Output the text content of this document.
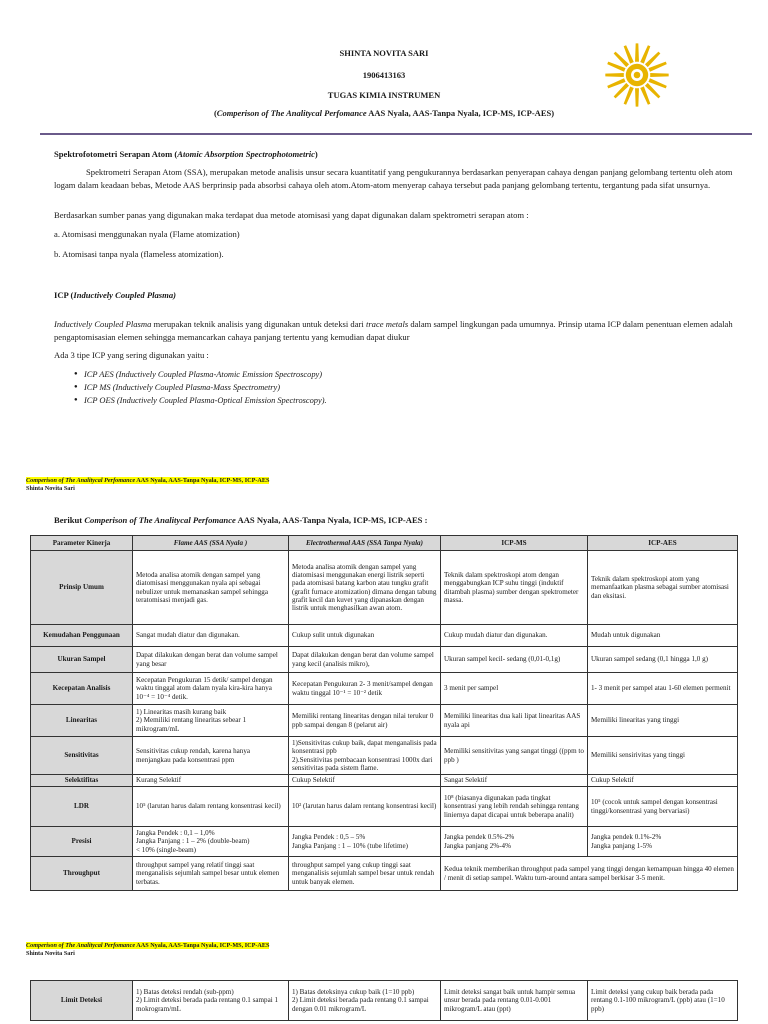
SHINTA NOVITA SARI
1906413163
TUGAS KIMIA INSTRUMEN
(Comperison of The Analitycal Perfomance AAS Nyala, AAS-Tanpa Nyala, ICP-MS, ICP-AES)
Spektrofotometri Serapan Atom (Atomic Absorption Spectrophotometric)
Spektrometri Serapan Atom (SSA), merupakan metode analisis unsur secara kuantitatif yang pengukurannya berdasarkan penyerapan cahaya dengan panjang gelombang tertentu oleh atom logam dalam keadaan bebas, Metode AAS berprinsip pada absorbsi cahaya oleh atom.Atom-atom menyerap cahaya tersebut pada panjang gelombang tertentu, tergantung pada sifat unsurnya.
Berdasarkan sumber panas yang digunakan maka terdapat dua metode atomisasi yang dapat digunakan dalam spektrometri serapan atom :
a. Atomisasi menggunakan nyala (Flame atomization)
b. Atomisasi tanpa nyala (flameless atomization).
ICP (Inductively Coupled Plasma)
Inductively Coupled Plasma merupakan teknik analisis yang digunakan untuk deteksi dari trace metals dalam sampel lingkungan pada umumnya. Prinsip utama ICP dalam penentuan elemen adalah pengaptomisasian elemen sehingga memancarkan cahaya panjang tertentu yang kemudian dapat diukur
Ada 3 tipe ICP yang sering digunakan yaitu :
● ICP AES (Inductively Coupled Plasma-Atomic Emission Spectroscopy)
● ICP MS (Inductively Coupled Plasma-Mass Spectrometry)
● ICP OES (Inductively Coupled Plasma-Optical Emission Spectroscopy).
Comperison of The Analitycal Perfomance AAS Nyala, AAS-Tanpa Nyala, ICP-MS, ICP-AES
Shinta Novita Sari
Berikut Comperison of The Analitycal Perfomance AAS Nyala, AAS-Tanpa Nyala, ICP-MS, ICP-AES :
Parameter Kinerja	Flame AAS (SSA Nyala )	Electrothermal AAS (SSA Tanpa Nyala)	ICP-MS	ICP-AES
Prinsip Umum	Metoda analisa atomik dengan sampel yang diatomisasi menggunakan nyala api sebagai nebulizer untuk memanaskan sampel sehingga teratomisasi menjadi gas.	Metoda analisa atomik dengan sampel yang diatomisasi menggunakan energi listrik seperti pada atomisasi batang karbon atau tungku grafit (grafit furnace atomization) dimana dengan tabung grafit kecil dan kuvet yang dipanaskan dengan listrik untuk menghasilkan awan atom.	Teknik dalam spektroskopi atom dengan menggabungkan ICP suhu tinggi (induktif ditambah plasma) sumber dengan spektrometer massa.	Teknik dalam spektroskopi atom yang memanfaatkan plasma sebagai sumber atomisasi dan eksitasi.
Kemudahan Penggunaan	Sangat mudah diatur dan digunakan.	Cukup sulit untuk digunakan	Cukup mudah diatur dan digunakan.	Mudah untuk digunakan
Ukuran Sampel	Dapat dilakukan dengan berat dan volume sampel yang besar	Dapat dilakukan dengan berat dan volume sampel yang kecil (analisis mikro),	Ukuran sampel kecil- sedang (0,01-0,1g)	Ukuran sampel sedang (0,1 hingga 1,0 g)
Kecepatan Analisis	Kecepatan Pengukuran 15 detik/ sampel dengan waktu tinggal atom dalam nyala kira-kira hanya 10⁻⁴ = 10⁻⁴ detik.	Kecepatan Pengukuran 2- 3 menit/sampel dengan waktu tinggal 10⁻¹ = 10⁻² detik	3 menit per sampel	1- 3 menit per sampel atau 1-60 elemen permenit
Linearitas	1) Linearitas masih kurang baik
2) Memiliki rentang linearitas sebear 1 mikrogram/mL	Memiliki rentang linearitas dengan nilai terukur 0 ppb sampai dengan 8 (pelarut air)	Memiliki linearitas dua kali lipat linearitas AAS nyala api	Memiliki linearitas yang tinggi
Sensitivitas	Sensitivitas cukup rendah, karena hanya menjangkau pada konsentrasi ppm	1)Sensitivitas cukup baik, dapat menganalisis pada konsentrasi ppb
2).Sensitivitas pembacaan konsentrasi 1000x dari sensitivitas pada sistem flame.	Memiliki sensitivitas yang sangat tinggi ((ppm to ppb )	Memiliki sensirivitas yang tinggi
Selektifitas	Kurang Selektif	Cukup Selektif	Sangat Selektif	Cukup Selektif
LDR	10⁵ (larutan harus dalam rentang konsentrasi kecil)	10² (larutan harus dalam rentang konsentrasi kecil)	10⁸ (biasanya digunakan pada tingkat konsentrasi yang lebih rendah sehingga rentang liniernya dapat dicapai untuk beberapa analit)	10⁵ (cocok untuk sampel dengan konsentrasi tinggi/konsentrasi yang bervariasi)
Presisi	Jangka Pendek : 0,1 – 1,0%
Jangka Panjang : 1 – 2% (double-beam)
< 10% (single-beam)	Jangka Pendek : 0,5 – 5%
Jangka Panjang : 1 – 10% (tube lifetime)	Jangka pendek 0.5%-2%
Jangka panjang 2%-4%	Jangka pendek 0.1%-2%
Jangka panjang 1-5%
Throughput	throughput sampel yang relatif tinggi saat menganalisis sejumlah sampel besar untuk elemen terbatas.	throughput sampel yang cukup tinggi saat menganalisis sejumlah sampel besar untuk rendah untuk banyak elemen.	Kedua teknik memberikan throughput pada sampel yang tinggi dengan kemampuan hingga 40 elemen / menit di setiap sampel. Waktu turn-around antara sampel berkisar 3-5 menit.	
Comperison of The Analitycal Perfomance AAS Nyala, AAS-Tanpa Nyala, ICP-MS, ICP-AES
Shinta Novita Sari
Limit Deteksi	1) Batas deteksi rendah (sub-ppm)
2) Limit deteksi berada pada rentang 0.1 sampai 1 mokrogram/mL	1) Batas deteksinya cukup baik (1=10 ppb)
2) Limit deteksi berada pada rentang 0.1 sampai dengan 0.01 mikrogram/L	Limit deteksi sangat baik untuk hampir semua unsur berada pada rentang 0.01-0.001 mikrogram/L atau (ppt)	Limit deteksi yang cukup baik berada pada rentang 0.1-100 mikrogram/L (ppb) atau (1=10 ppb)
